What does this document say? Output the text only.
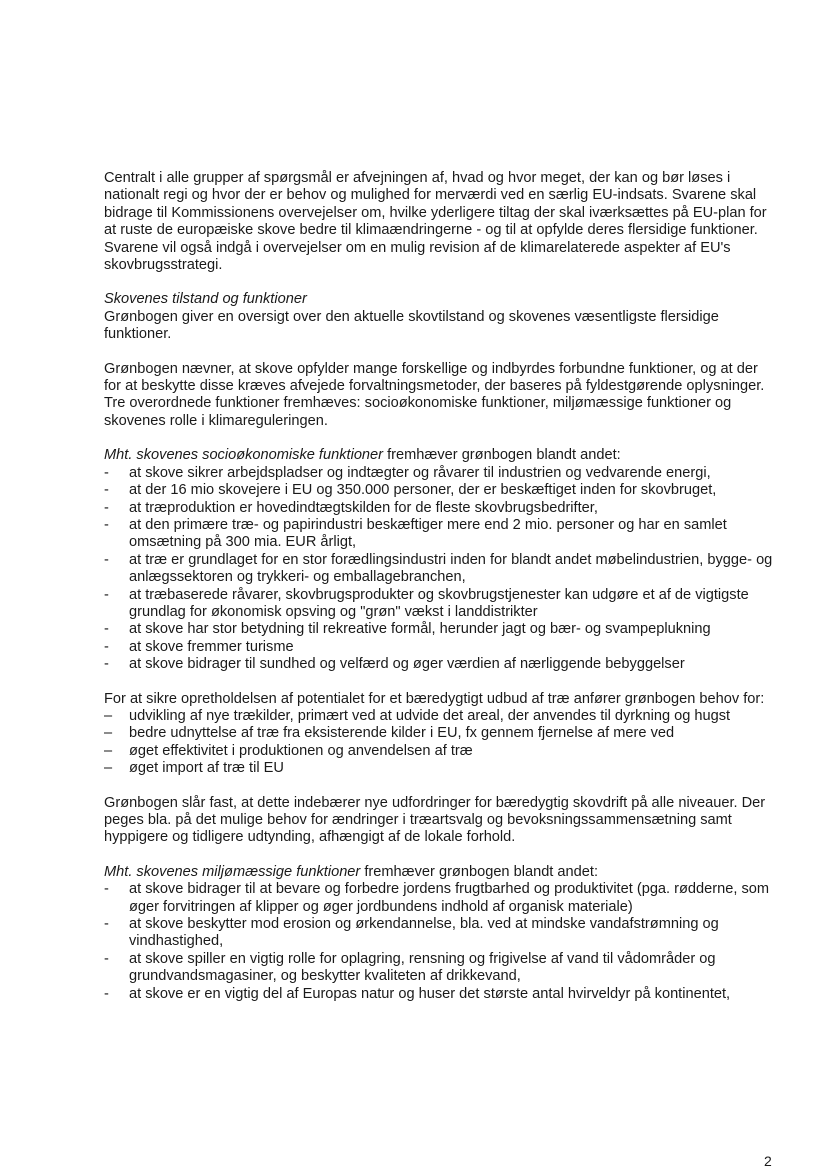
Centralt i alle grupper af spørgsmål er afvejningen af, hvad og hvor meget, der kan og bør løses i nationalt regi og hvor der er behov og mulighed for merværdi ved en særlig EU-indsats. Svarene skal bidrage til Kommissionens overvejelser om, hvilke yderligere tiltag der skal iværksættes på EU-plan for at ruste de europæiske skove bedre til klimaændringerne - og til at opfylde deres flersidige funktioner. Svarene vil også indgå i overvejelser om en mulig revision af de klimarelaterede aspekter af EU's skovbrugsstrategi.

Skovenes tilstand og funktioner

Grønbogen giver en oversigt over den aktuelle skovtilstand og skovenes væsentligste flersidige funktioner.

Grønbogen nævner, at skove opfylder mange forskellige og indbyrdes forbundne funktioner, og at der for at beskytte disse kræves afvejede forvaltningsmetoder, der baseres på fyldestgørende oplysninger. Tre overordnede funktioner fremhæves: socioøkonomiske funktioner, miljømæssige funktioner og skovenes rolle i klimareguleringen.

Mht. skovenes socioøkonomiske funktioner fremhæver grønbogen blandt andet:

-	at skove sikrer arbejdspladser og indtægter og råvarer til industrien og vedvarende energi,
-	at der 16 mio skovejere i EU og 350.000 personer, der er beskæftiget inden for skovbruget,
-	at træproduktion er hovedindtægtskilden for de fleste skovbrugsbedrifter,
-	at den primære træ- og papirindustri beskæftiger mere end 2 mio. personer og har en samlet omsætning på 300 mia. EUR årligt,
-	at træ er grundlaget for en stor forædlingsindustri inden for blandt andet møbelindustrien, bygge- og anlægssektoren og trykkeri- og emballagebranchen,
-	at træbaserede råvarer, skovbrugsprodukter og skovbrugstjenester kan udgøre et af de vigtigste grundlag for økonomisk opsving og "grøn" vækst i landdistrikter
-	at skove har stor betydning til rekreative formål, herunder jagt og bær- og svampeplukning
-	at skove fremmer turisme
-	at skove bidrager til sundhed og velfærd og øger værdien af nærliggende bebyggelser

For at sikre opretholdelsen af potentialet for et bæredygtigt udbud af træ anfører grønbogen behov for:

–	udvikling af nye trækilder, primært ved at udvide det areal, der anvendes til dyrkning og hugst
–	bedre udnyttelse af træ fra eksisterende kilder i EU, fx gennem fjernelse af mere ved
–	øget effektivitet i produktionen og anvendelsen af træ
–	øget import af træ til EU

Grønbogen slår fast, at dette indebærer nye udfordringer for bæredygtig skovdrift på alle niveauer. Der peges bla. på det mulige behov for ændringer i træartsvalg og bevoksningssammensætning samt hyppigere og tidligere udtynding, afhængigt af de lokale forhold.

Mht. skovenes miljømæssige funktioner fremhæver grønbogen blandt andet:

-	at skove bidrager til at bevare og forbedre jordens frugtbarhed og produktivitet (pga. rødderne, som øger forvitringen af klipper og øger jordbundens indhold af organisk materiale)
-	at skove beskytter mod erosion og ørkendannelse, bla. ved at mindske vandafstrømning og vindhastighed,
-	at skove spiller en vigtig rolle for oplagring, rensning og frigivelse af vand til vådområder og grundvandsmagasiner, og beskytter kvaliteten af drikkevand,
-	at skove er en vigtig del af Europas natur og huser det største antal hvirveldyr på kontinentet,
2
